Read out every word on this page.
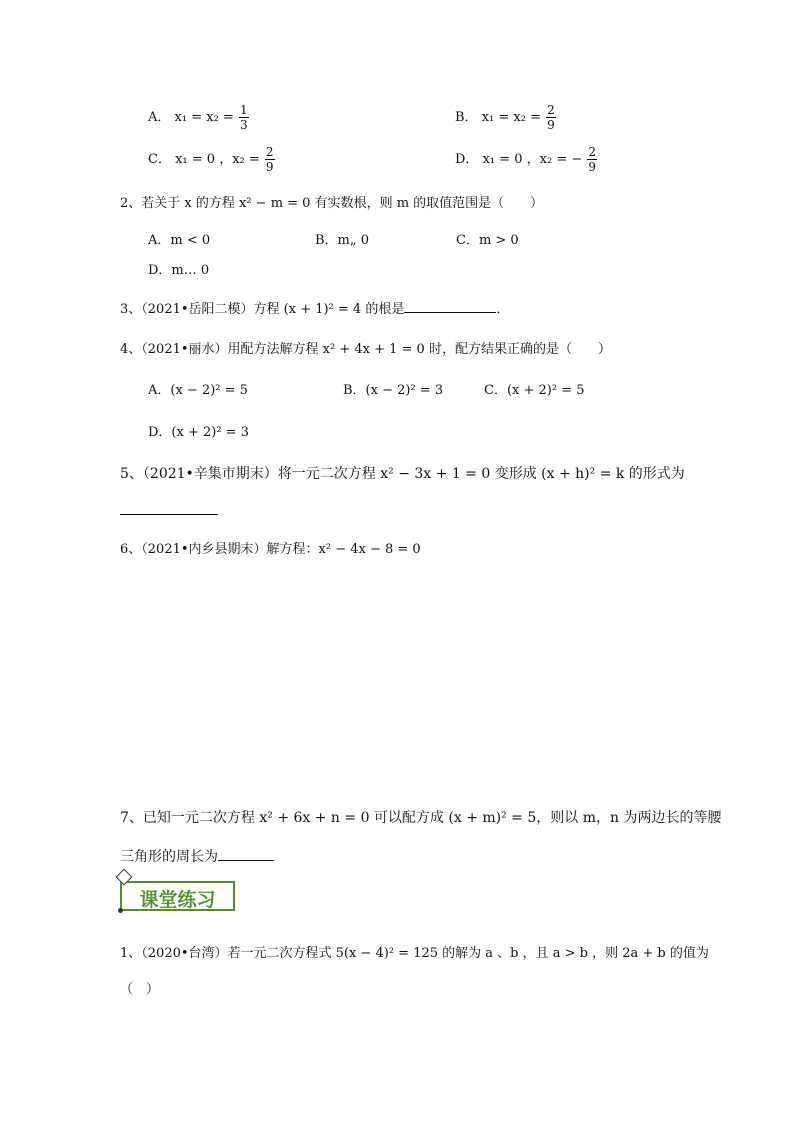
A． $x_1 = x_2 = \frac{1}{3}$	B． $x_1 = x_2 = \frac{2}{9}$
C． x₁ = 0 ，$x_2 = \frac{2}{9}$	D． x₁ = 0 ，x₂ = − $\frac{2}{9}$
2、若关于 x 的方程 x² − m = 0 有实数根，则 m 的取值范围是（　　）
A．m < 0	B．m„ 0	C．m > 0
D．m… 0
3、（2021•岳阳二模）方程 (x + 1)² = 4 的根是	．
4、（2021•丽水）用配方法解方程 x² + 4x + 1 = 0 时，配方结果正确的是（　　）
A．(x − 2)² = 5	B．(x − 2)² = 3	C．(x + 2)² = 5
D．(x + 2)² = 3
5、（2021•辛集市期末）将一元二次方程 x² − 3x + 1 = 0 变形成 (x + h)² = k 的形式为
6、（2021•内乡县期末）解方程：x² − 4x − 8 = 0
7、已知一元二次方程 x² + 6x + n = 0 可以配方成 (x + m)² = 5，则以 m，n 为两边长的等腰
三角形的周长为
课堂练习
1、（2020•台湾）若一元二次方程式 5(x − 4)² = 125 的解为 a 、b ，且 a > b ，则 2a + b 的值为
（　）
